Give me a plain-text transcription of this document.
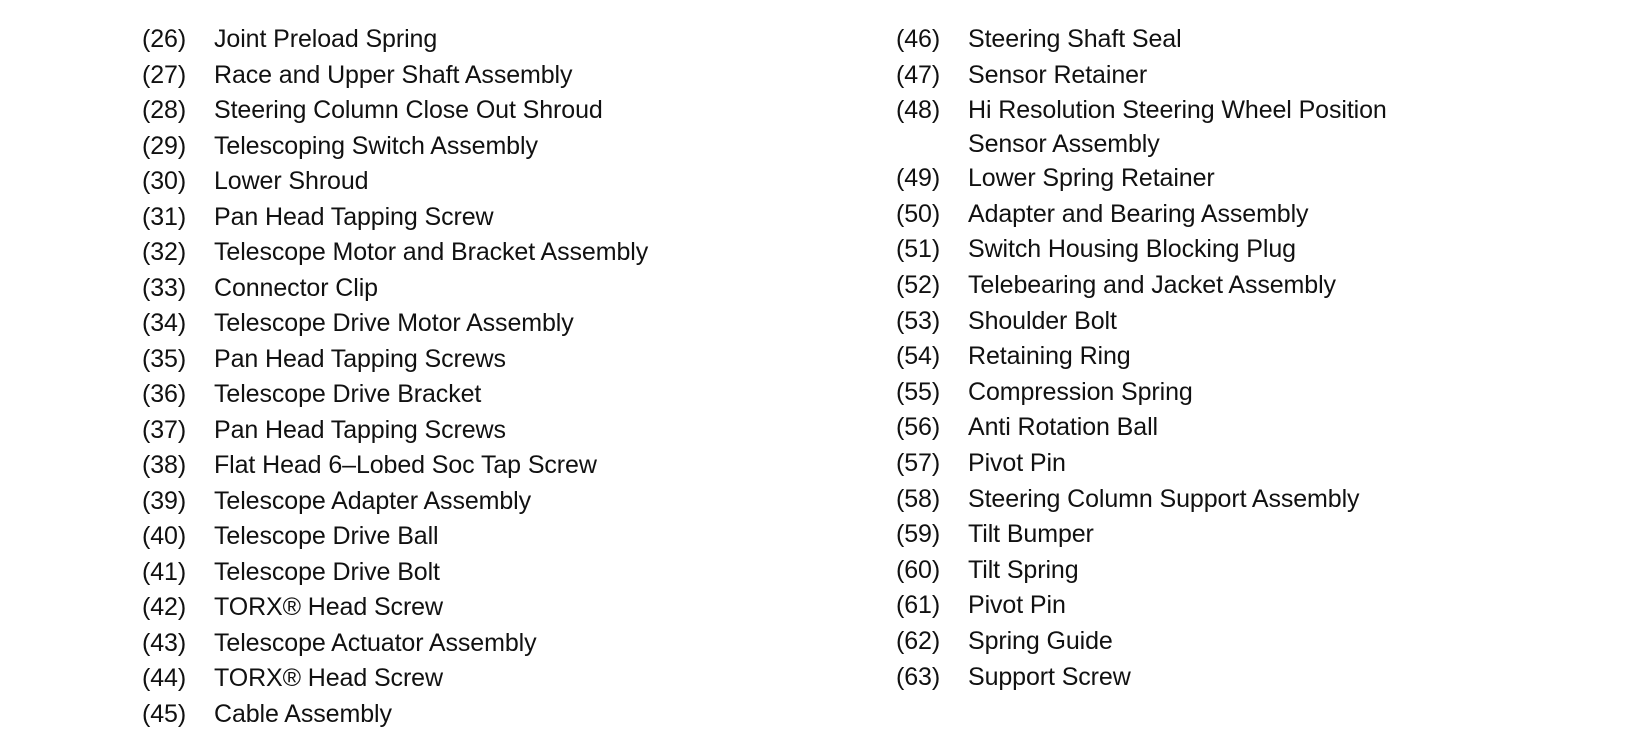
(26)	Joint Preload Spring
(27)	Race and Upper Shaft Assembly
(28)	Steering Column Close Out Shroud
(29)	Telescoping Switch Assembly
(30)	Lower Shroud
(31)	Pan Head Tapping Screw
(32)	Telescope Motor and Bracket Assembly
(33)	Connector Clip
(34)	Telescope Drive Motor Assembly
(35)	Pan Head Tapping Screws
(36)	Telescope Drive Bracket
(37)	Pan Head Tapping Screws
(38)	Flat Head 6–Lobed Soc Tap Screw
(39)	Telescope Adapter Assembly
(40)	Telescope Drive Ball
(41)	Telescope Drive Bolt
(42)	TORX® Head Screw
(43)	Telescope Actuator Assembly
(44)	TORX® Head Screw
(45)	Cable Assembly
(46)	Steering Shaft Seal
(47)	Sensor Retainer
(48)	Hi Resolution Steering Wheel Position
Sensor Assembly
(49)	Lower Spring Retainer
(50)	Adapter and Bearing Assembly
(51)	Switch Housing Blocking Plug
(52)	Telebearing and Jacket Assembly
(53)	Shoulder Bolt
(54)	Retaining Ring
(55)	Compression Spring
(56)	Anti Rotation Ball
(57)	Pivot Pin
(58)	Steering Column Support Assembly
(59)	Tilt Bumper
(60)	Tilt Spring
(61)	Pivot Pin
(62)	Spring Guide
(63)	Support Screw
